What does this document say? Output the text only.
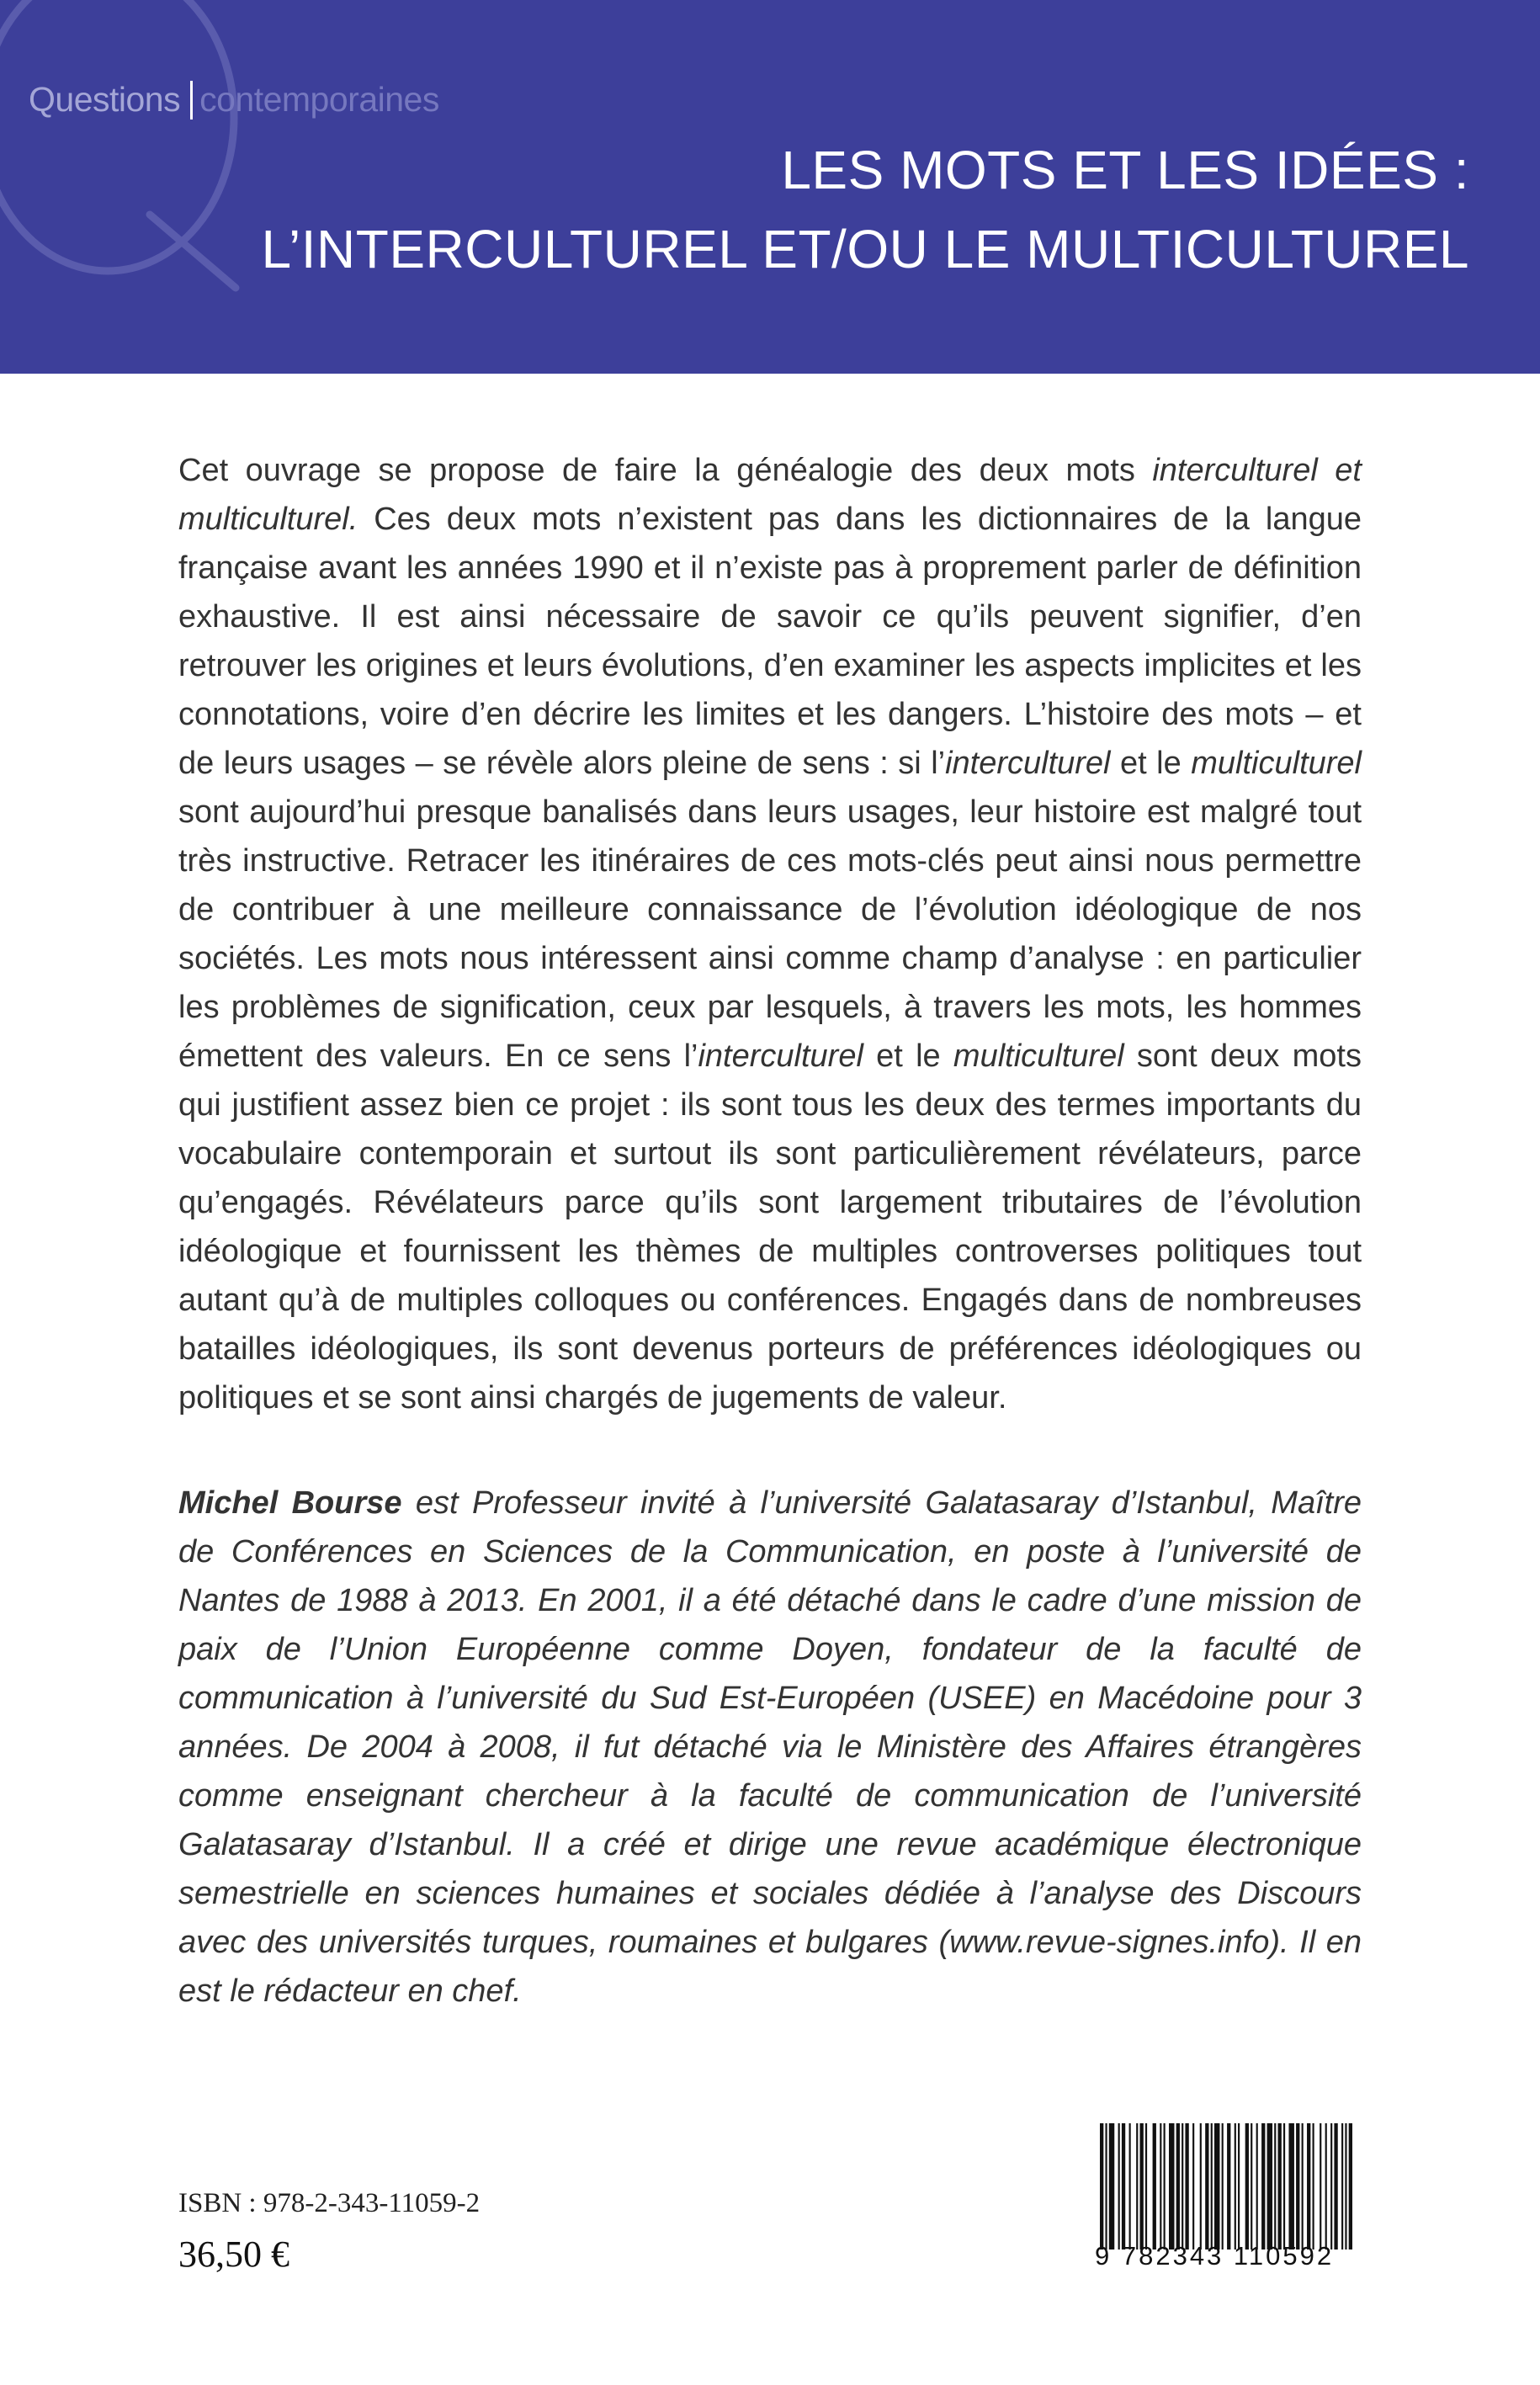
Questions contemporaines
LES MOTS ET LES IDÉES :
L’INTERCULTUREL ET/OU LE MULTICULTUREL

Cet ouvrage se propose de faire la généalogie des deux mots interculturel et multiculturel. Ces deux mots n’existent pas dans les dictionnaires de la langue française avant les années 1990 et il n’existe pas à proprement parler de définition exhaustive. Il est ainsi nécessaire de savoir ce qu’ils peuvent signifier, d’en retrouver les origines et leurs évolutions, d’en examiner les aspects implicites et les connotations, voire d’en décrire les limites et les dangers. L’histoire des mots – et de leurs usages – se révèle alors pleine de sens : si l’interculturel et le multiculturel sont aujourd’hui presque banalisés dans leurs usages, leur histoire est malgré tout très instructive. Retracer les itinéraires de ces mots-clés peut ainsi nous permettre de contribuer à une meilleure connaissance de l’évolution idéologique de nos sociétés. Les mots nous intéressent ainsi comme champ d’analyse : en particulier les problèmes de signification, ceux par lesquels, à travers les mots, les hommes émettent des valeurs. En ce sens l’interculturel et le multiculturel sont deux mots qui justifient assez bien ce projet : ils sont tous les deux des termes importants du vocabulaire contemporain et surtout ils sont particulièrement révélateurs, parce qu’engagés. Révélateurs parce qu’ils sont largement tributaires de l’évolution idéologique et fournissent les thèmes de multiples controverses politiques tout autant qu’à de multiples colloques ou conférences. Engagés dans de nombreuses batailles idéologiques, ils sont devenus porteurs de préférences idéologiques ou politiques et se sont ainsi chargés de jugements de valeur.

Michel Bourse est Professeur invité à l’université Galatasaray d’Istanbul, Maître de Conférences en Sciences de la Communication, en poste à l’université de Nantes de 1988 à 2013. En 2001, il a été détaché dans le cadre d’une mission de paix de l’Union Européenne comme Doyen, fondateur de la faculté de communication à l’université du Sud Est-Européen (USEE) en Macédoine pour 3 années. De 2004 à 2008, il fut détaché via le Ministère des Affaires étrangères comme enseignant chercheur à la faculté de communication de l’université Galatasaray d’Istanbul. Il a créé et dirige une revue académique électronique semestrielle en sciences humaines et sociales dédiée à l’analyse des Discours avec des universités turques, roumaines et bulgares (www.revue-signes.info). Il en est le rédacteur en chef.

ISBN : 978-2-343-11059-2
36,50 €	9 782343 110592
